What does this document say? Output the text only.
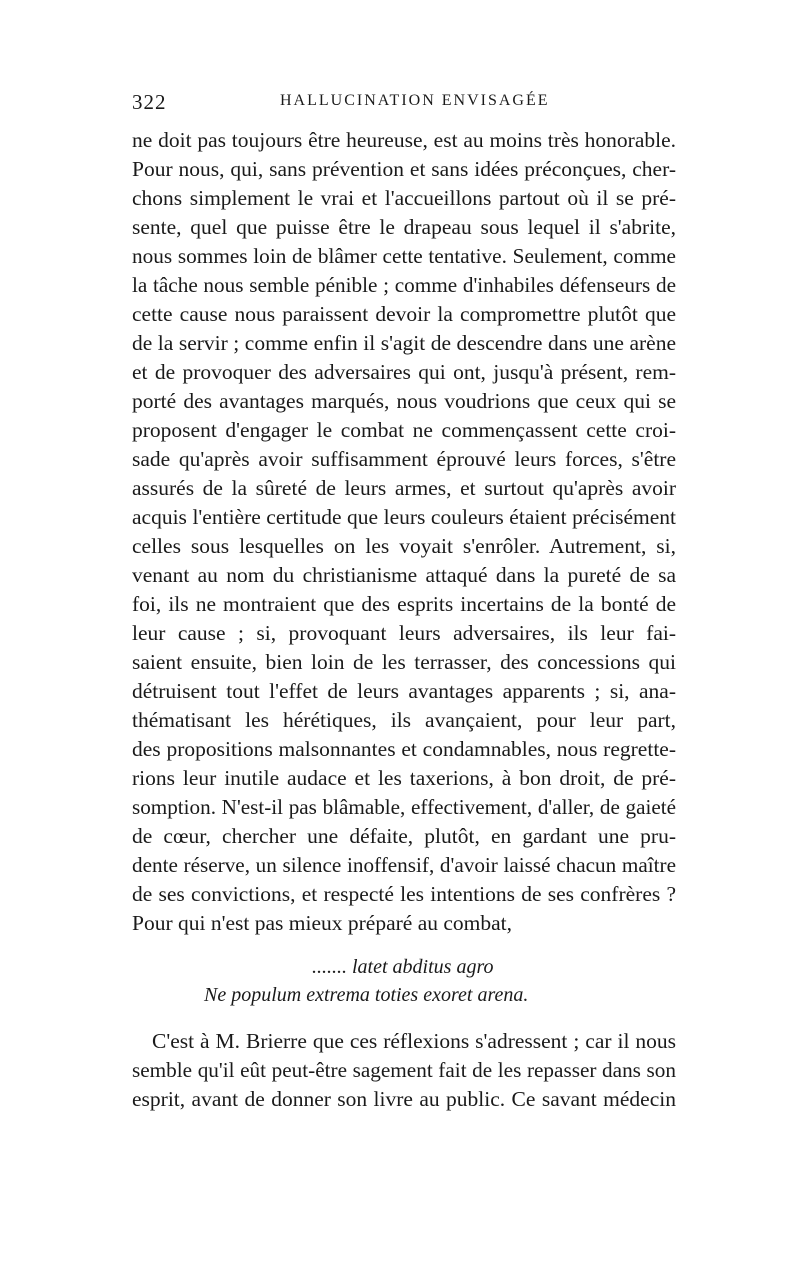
322	HALLUCINATION ENVISAGÉE
ne doit pas toujours être heureuse, est au moins très honorable.
Pour nous, qui, sans prévention et sans idées préconçues, cher-
chons simplement le vrai et l'accueillons partout où il se pré-
sente, quel que puisse être le drapeau sous lequel il s'abrite,
nous sommes loin de blâmer cette tentative. Seulement, comme
la tâche nous semble pénible ; comme d'inhabiles défenseurs de
cette cause nous paraissent devoir la compromettre plutôt que
de la servir ; comme enfin il s'agit de descendre dans une arène
et de provoquer des adversaires qui ont, jusqu'à présent, rem-
porté des avantages marqués, nous voudrions que ceux qui se
proposent d'engager le combat ne commençassent cette croi-
sade qu'après avoir suffisamment éprouvé leurs forces, s'être
assurés de la sûreté de leurs armes, et surtout qu'après avoir
acquis l'entière certitude que leurs couleurs étaient précisément
celles sous lesquelles on les voyait s'enrôler. Autrement, si,
venant au nom du christianisme attaqué dans la pureté de sa
foi, ils ne montraient que des esprits incertains de la bonté de
leur cause ; si, provoquant leurs adversaires, ils leur fai-
saient ensuite, bien loin de les terrasser, des concessions qui
détruisent tout l'effet de leurs avantages apparents ; si, ana-
thématisant les hérétiques, ils avançaient, pour leur part,
des propositions malsonnantes et condamnables, nous regrette-
rions leur inutile audace et les taxerions, à bon droit, de pré-
somption. N'est-il pas blâmable, effectivement, d'aller, de gaieté
de cœur, chercher une défaite, plutôt, en gardant une pru-
dente réserve, un silence inoffensif, d'avoir laissé chacun maître
de ses convictions, et respecté les intentions de ses confrères ?
Pour qui n'est pas mieux préparé au combat,
....... latet abditus agro
Ne populum extrema toties exoret arena.
C'est à M. Brierre que ces réflexions s'adressent ; car il nous
semble qu'il eût peut-être sagement fait de les repasser dans son
esprit, avant de donner son livre au public. Ce savant médecin
